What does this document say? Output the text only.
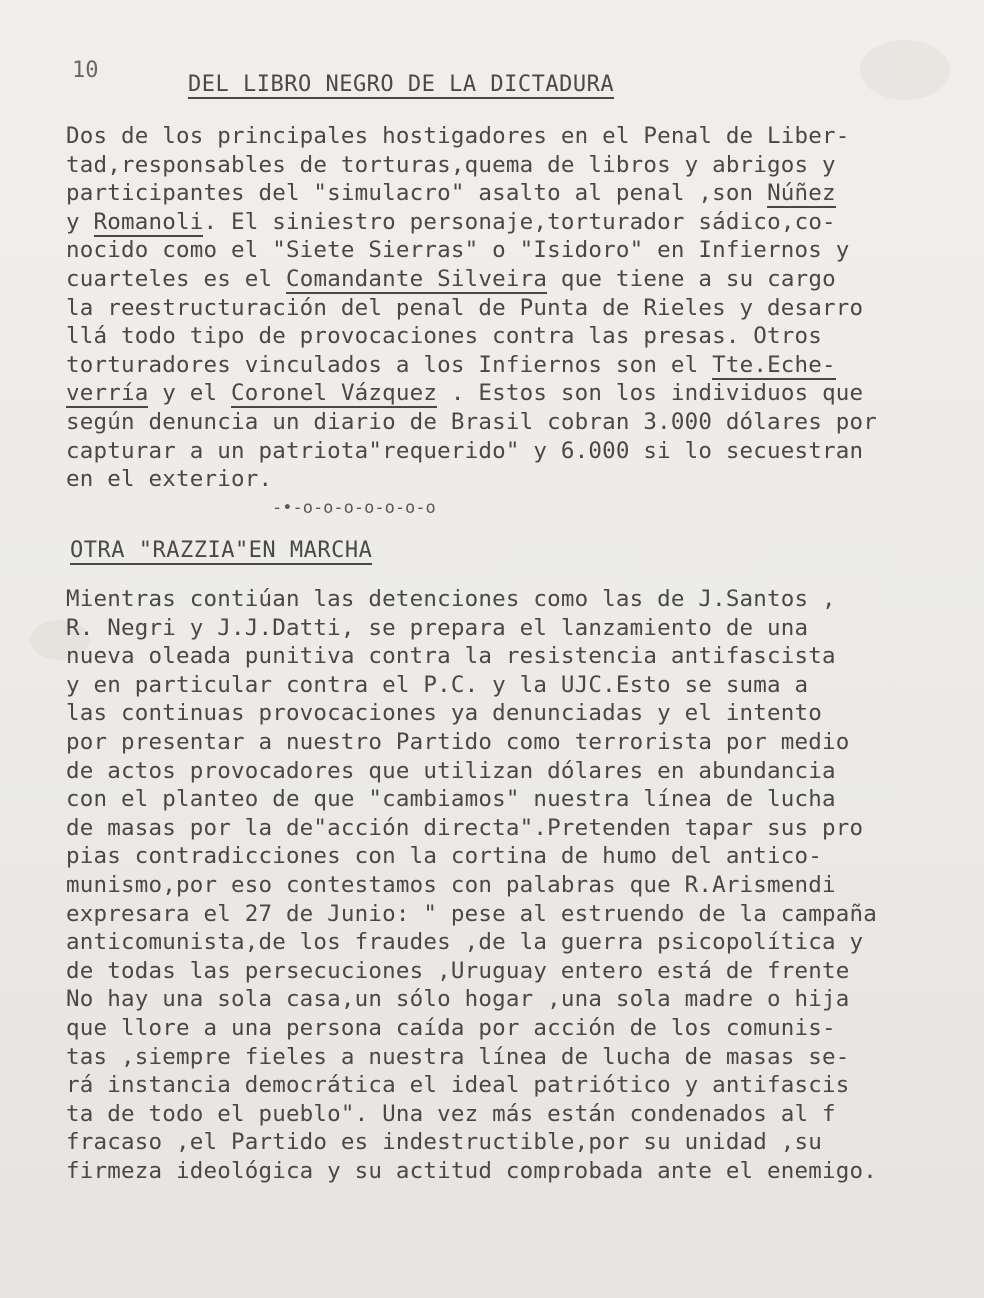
10
DEL LIBRO NEGRO DE LA DICTADURA
Dos de los principales hostigadores en el Penal de Liber-
tad,responsables de torturas,quema de libros y abrigos y
participantes del "simulacro" asalto al penal ,son Núñez
y Romanoli. El siniestro personaje,torturador sádico,co-
nocido como el "Siete Sierras" o "Isidoro" en Infiernos y
cuarteles es el Comandante Silveira que tiene a su cargo
la reestructuración del penal de Punta de Rieles y desarro
llá todo tipo de provocaciones contra las presas. Otros
torturadores vinculados a los Infiernos son el Tte.Eche-
verría y el Coronel Vázquez . Estos son los individuos que
según denuncia un diario de Brasil cobran 3.000 dólares por
capturar a un patriota"requerido" y 6.000 si lo secuestran
en el exterior.
-•-o-o-o-o-o-o-o
OTRA "RAZZIA"EN MARCHA
Mientras contiúan las detenciones como las de J.Santos ,
R. Negri y J.J.Datti, se prepara el lanzamiento de una
nueva oleada punitiva contra la resistencia antifascista
y en particular contra el P.C. y la UJC.Esto se suma a
las continuas provocaciones ya denunciadas y el intento
por presentar a nuestro Partido como terrorista por medio
de actos provocadores que utilizan dólares en abundancia
con el planteo de que "cambiamos" nuestra línea de lucha
de masas por la de"acción directa".Pretenden tapar sus pro
pias contradicciones con la cortina de humo del antico-
munismo,por eso contestamos con palabras que R.Arismendi
expresara el 27 de Junio: " pese al estruendo de la campaña
anticomunista,de los fraudes ,de la guerra psicopolítica y
de todas las persecuciones ,Uruguay entero está de frente
No hay una sola casa,un sólo hogar ,una sola madre o hija
que llore a una persona caída por acción de los comunis-
tas ,siempre fieles a nuestra línea de lucha de masas se-
rá instancia democrática el ideal patriótico y antifascis
ta de todo el pueblo". Una vez más están condenados al f
fracaso ,el Partido es indestructible,por su unidad ,su
firmeza ideológica y su actitud comprobada ante el enemigo.
